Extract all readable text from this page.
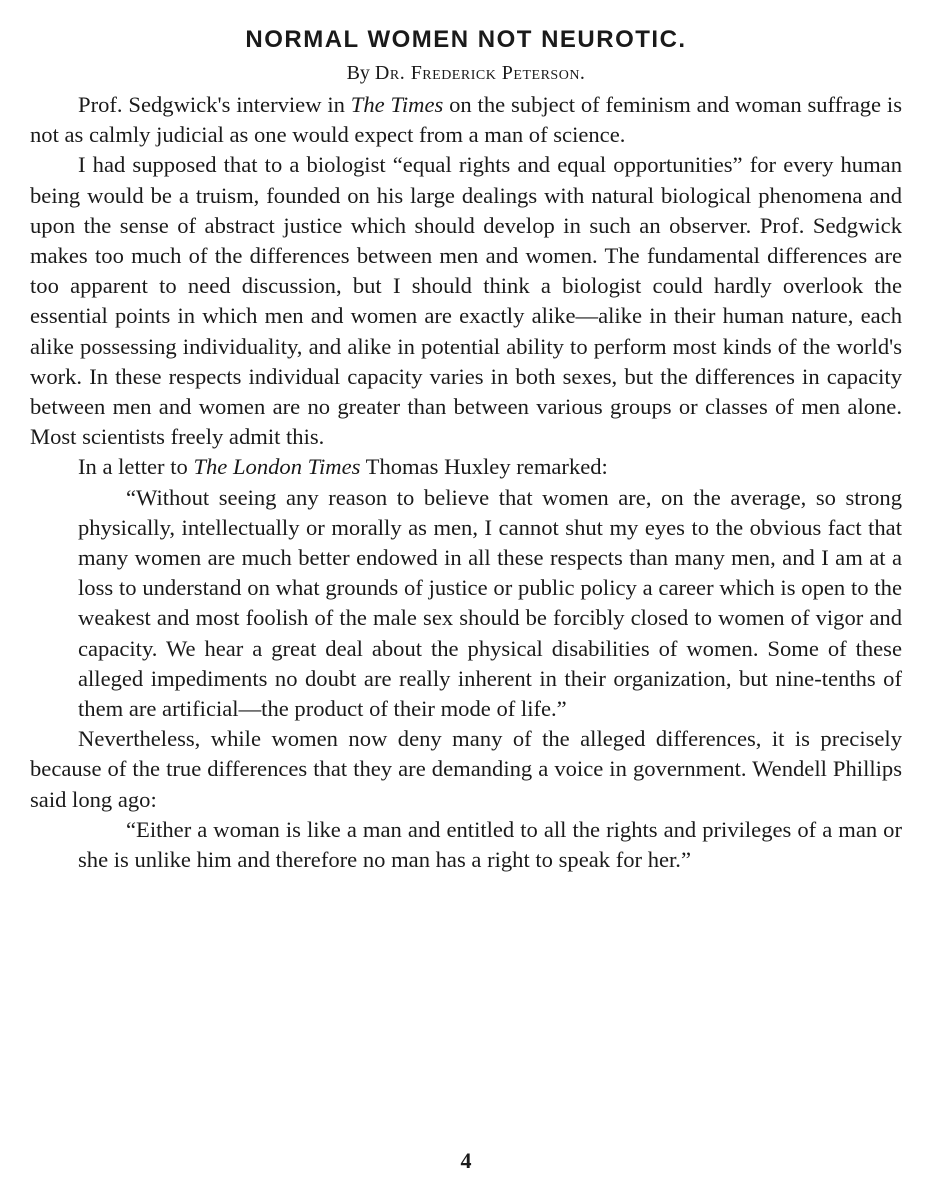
NORMAL WOMEN NOT NEUROTIC.
By Dr. Frederick Peterson.

Prof. Sedgwick's interview in The Times on the subject of feminism and woman suffrage is not as calmly judicial as one would expect from a man of science.

I had supposed that to a biologist “equal rights and equal opportunities” for every human being would be a truism, founded on his large dealings with natural biological phenomena and upon the sense of abstract justice which should develop in such an observer. Prof. Sedgwick makes too much of the differences between men and women. The fundamental differences are too apparent to need discussion, but I should think a biologist could hardly overlook the essential points in which men and women are exactly alike—alike in their human nature, each alike possessing individuality, and alike in potential ability to perform most kinds of the world's work. In these respects individual capacity varies in both sexes, but the differences in capacity between men and women are no greater than between various groups or classes of men alone. Most scientists freely admit this.

In a letter to The London Times Thomas Huxley remarked:

“Without seeing any reason to believe that women are, on the average, so strong physically, intellectually or morally as men, I cannot shut my eyes to the obvious fact that many women are much better endowed in all these respects than many men, and I am at a loss to understand on what grounds of justice or public policy a career which is open to the weakest and most foolish of the male sex should be forcibly closed to women of vigor and capacity. We hear a great deal about the physical disabilities of women. Some of these alleged impediments no doubt are really inherent in their organization, but nine-tenths of them are artificial—the product of their mode of life.”

Nevertheless, while women now deny many of the alleged differences, it is precisely because of the true differences that they are demanding a voice in government. Wendell Phillips said long ago:

“Either a woman is like a man and entitled to all the rights and privileges of a man or she is unlike him and therefore no man has a right to speak for her.”

4
